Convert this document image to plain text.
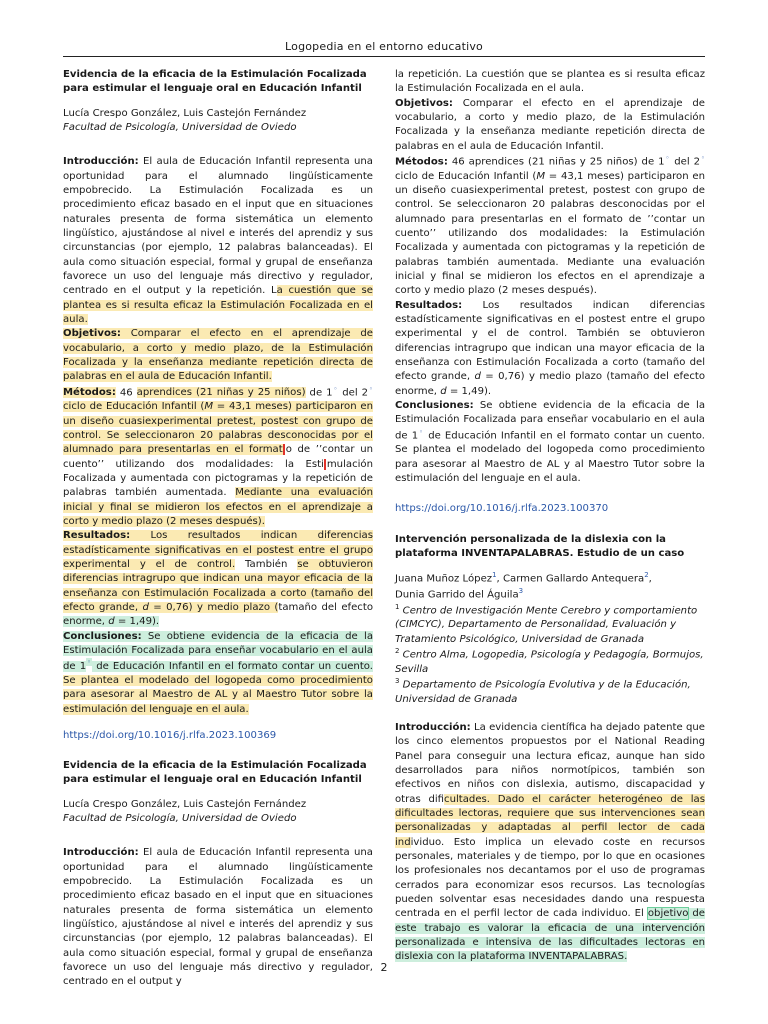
Logopedia en el entorno educativo
Evidencia de la eficacia de la Estimulación Focalizada para estimular el lenguaje oral en Educación Infantil
Lucía Crespo González, Luis Castejón Fernández
Facultad de Psicología, Universidad de Oviedo

Introducción: El aula de Educación Infantil representa una oportunidad para el alumnado lingüísticamente empobrecido. La Estimulación Focalizada es un procedimiento eficaz basado en el input que en situaciones naturales presenta de forma sistemática un elemento lingüístico, ajustándose al nivel e interés del aprendiz y sus circunstancias (por ejemplo, 12 palabras balanceadas). El aula como situación especial, formal y grupal de enseñanza favorece un uso del lenguaje más directivo y regulador, centrado en el output y la repetición. La cuestión que se plantea es si resulta eficaz la Estimulación Focalizada en el aula.

Objetivos: Comparar el efecto en el aprendizaje de vocabulario, a corto y medio plazo, de la Estimulación Focalizada y la enseñanza mediante repetición directa de palabras en el aula de Educación Infantil.

Métodos: 46 aprendices (21 niñas y 25 niños) de 1◦ del 2◦ ciclo de Educación Infantil (M = 43,1 meses) participaron en un diseño cuasiexperimental pretest, postest con grupo de control. Se seleccionaron 20 palabras desconocidas por el alumnado para presentarlas en el format o de ’’contar un cuento’’ utilizando dos modalidades: la Esti mulación Focalizada y aumentada con pictogramas y la repetición de palabras también aumentada. Mediante una evaluación inicial y final se midieron los efectos en el aprendizaje a corto y medio plazo (2 meses después).

Resultados: Los resultados indican diferencias estadísticamente significativas en el postest entre el grupo experimental y el de control. También se obtuvieron diferencias intragrupo que indican una mayor eficacia de la enseñanza con Estimulación Focalizada a corto (tamaño del efecto grande, d = 0,76) y medio plazo (tamaño del efecto enorme, d = 1,49).

Conclusiones: Se obtiene evidencia de la eficacia de la Estimulación Focalizada para enseñar vocabulario en el aula de 1◦ de Educación Infantil en el formato contar un cuento. Se plantea el modelado del logopeda como procedimiento para asesorar al Maestro de AL y al Maestro Tutor sobre la estimulación del lenguaje en el aula.

https://doi.org/10.1016/j.rlfa.2023.100369
Evidencia de la eficacia de la Estimulación Focalizada para estimular el lenguaje oral en Educación Infantil
Lucía Crespo González, Luis Castejón Fernández
Facultad de Psicología, Universidad de Oviedo

Introducción: El aula de Educación Infantil representa una oportunidad para el alumnado lingüísticamente empobrecido. La Estimulación Focalizada es un procedimiento eficaz basado en el input que en situaciones naturales presenta de forma sistemática un elemento lingüístico, ajustándose al nivel e interés del aprendiz y sus circunstancias (por ejemplo, 12 palabras balanceadas). El aula como situación especial, formal y grupal de enseñanza favorece un uso del lenguaje más directivo y regulador, centrado en el output y

la repetición. La cuestión que se plantea es si resulta eficaz la Estimulación Focalizada en el aula.

Objetivos: Comparar el efecto en el aprendizaje de vocabulario, a corto y medio plazo, de la Estimulación Focalizada y la enseñanza mediante repetición directa de palabras en el aula de Educación Infantil.

Métodos: 46 aprendices (21 niñas y 25 niños) de 1◦ del 2◦ ciclo de Educación Infantil (M = 43,1 meses) participaron en un diseño cuasiexperimental pretest, postest con grupo de control. Se seleccionaron 20 palabras desconocidas por el alumnado para presentarlas en el formato de ’’contar un cuento’’ utilizando dos modalidades: la Estimulación Focalizada y aumentada con pictogramas y la repetición de palabras también aumentada. Mediante una evaluación inicial y final se midieron los efectos en el aprendizaje a corto y medio plazo (2 meses después).

Resultados: Los resultados indican diferencias estadísticamente significativas en el postest entre el grupo experimental y el de control. También se obtuvieron diferencias intragrupo que indican una mayor eficacia de la enseñanza con Estimulación Focalizada a corto (tamaño del efecto grande, d = 0,76) y medio plazo (tamaño del efecto enorme, d = 1,49).

Conclusiones: Se obtiene evidencia de la eficacia de la Estimulación Focalizada para enseñar vocabulario en el aula de 1◦ de Educación Infantil en el formato contar un cuento. Se plantea el modelado del logopeda como procedimiento para asesorar al Maestro de AL y al Maestro Tutor sobre la estimulación del lenguaje en el aula.

https://doi.org/10.1016/j.rlfa.2023.100370
Intervención personalizada de la dislexia con la plataforma INVENTAPALABRAS. Estudio de un caso
Juana Muñoz López$^1$, Carmen Gallardo Antequera$^2$,
Dunia Garrido del Águila$^3$
$^1$ Centro de Investigación Mente Cerebro y comportamiento (CIMCYC), Departamento de Personalidad, Evaluación y Tratamiento Psicológico, Universidad de Granada
$^2$ Centro Alma, Logopedia, Psicología y Pedagogía, Bormujos, Sevilla
$^3$ Departamento de Psicología Evolutiva y de la Educación, Universidad de Granada

Introducción: La evidencia científica ha dejado patente que los cinco elementos propuestos por el National Reading Panel para conseguir una lectura eficaz, aunque han sido desarrollados para niños normotípicos, también son efectivos en niños con dislexia, autismo, discapacidad y otras dificultades. Dado el carácter heterogéneo de las dificultades lectoras, requiere que sus intervenciones sean personalizadas y adaptadas al perfil lector de cada individuo. Esto implica un elevado coste en recursos personales, materiales y de tiempo, por lo que en ocasiones los profesionales nos decantamos por el uso de programas cerrados para economizar esos recursos. Las tecnologías pueden solventar esas necesidades dando una respuesta centrada en el perfil lector de cada individuo. El objetivo de este trabajo es valorar la eficacia de una intervención personalizada e intensiva de las dificultades lectoras en dislexia con la plataforma INVENTAPALABRAS.

2
